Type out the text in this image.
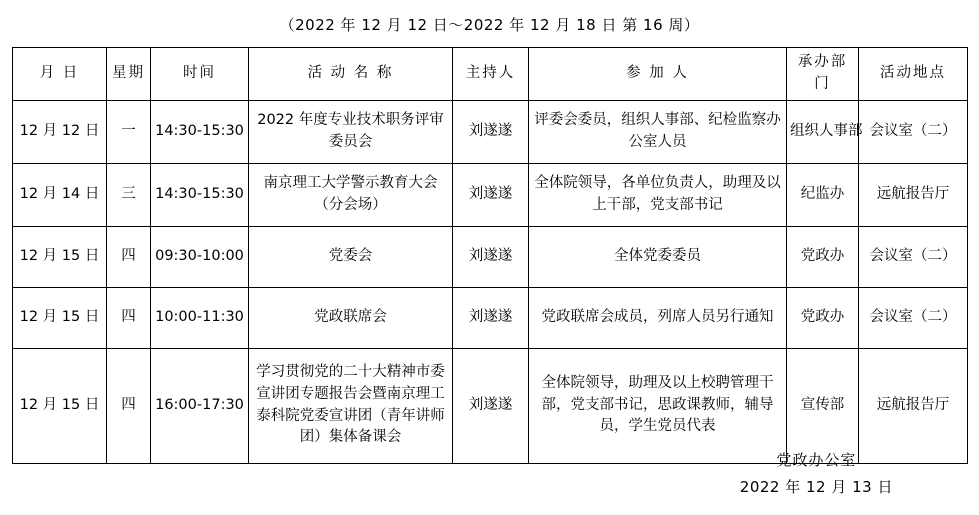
（2022 年 12 月 12 日～2022 年 12 月 18 日 第 16 周）
月 日	星期	时间	活 动 名 称	主持人	参 加 人	承办部门	活动地点
12 月 12 日	一	14:30-15:30	2022 年度专业技术职务评审委员会	刘遂遂	评委会委员，组织人事部、纪检监察办公室人员	组织人事部	会议室（二）
12 月 14 日	三	14:30-15:30	南京理工大学警示教育大会（分会场）	刘遂遂	全体院领导，各单位负责人，助理及以上干部，党支部书记	纪监办	远航报告厅
12 月 15 日	四	09:30-10:00	党委会	刘遂遂	全体党委委员	党政办	会议室（二）
12 月 15 日	四	10:00-11:30	党政联席会	刘遂遂	党政联席会成员，列席人员另行通知	党政办	会议室（二）
12 月 15 日	四	16:00-17:30	学习贯彻党的二十大精神市委宣讲团专题报告会暨南京理工泰科院党委宣讲团（青年讲师团）集体备课会	刘遂遂	全体院领导，助理及以上校聘管理干部，党支部书记，思政课教师，辅导员，学生党员代表	宣传部	远航报告厅
党政办公室
2022 年 12 月 13 日
